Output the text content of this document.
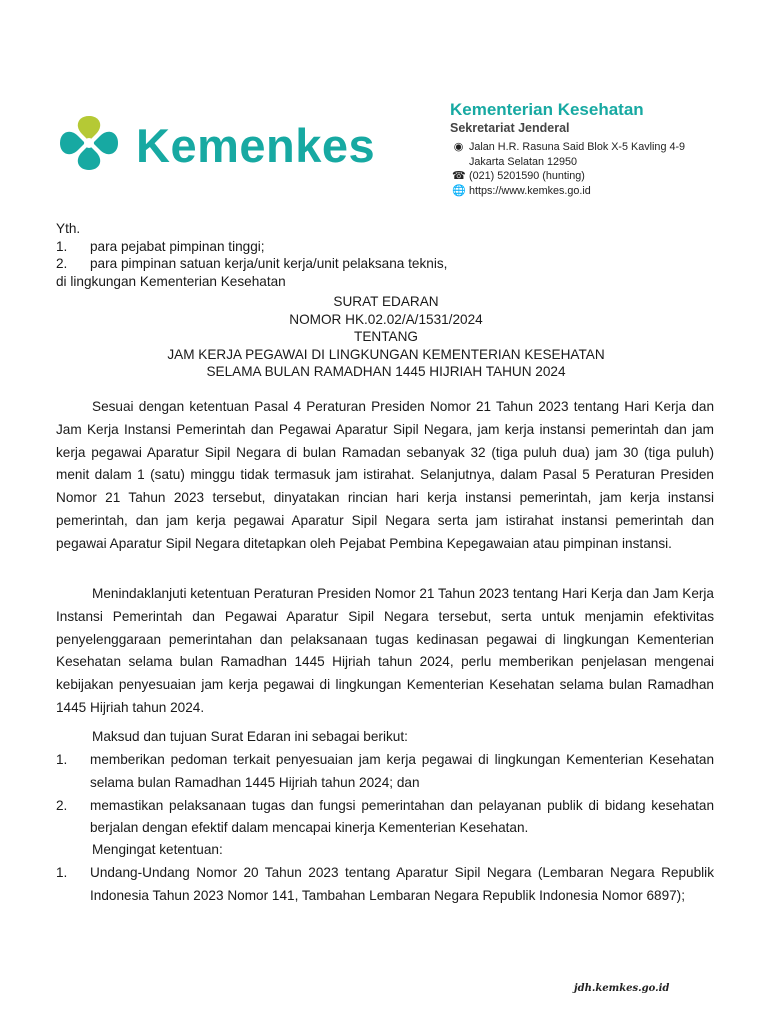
Kemenkes
Kementerian Kesehatan
Sekretariat Jenderal
◉ Jalan H.R. Rasuna Said Blok X-5 Kavling 4-9
Jakarta Selatan 12950
☎ (021) 5201590 (hunting)
🌐 https://www.kemkes.go.id
Yth.
1. para pejabat pimpinan tinggi;
2. para pimpinan satuan kerja/unit kerja/unit pelaksana teknis,
di lingkungan Kementerian Kesehatan
SURAT EDARAN
NOMOR HK.02.02/A/1531/2024
TENTANG
JAM KERJA PEGAWAI DI LINGKUNGAN KEMENTERIAN KESEHATAN
SELAMA BULAN RAMADHAN 1445 HIJRIAH TAHUN 2024
Sesuai dengan ketentuan Pasal 4 Peraturan Presiden Nomor 21 Tahun 2023 tentang Hari Kerja dan Jam Kerja Instansi Pemerintah dan Pegawai Aparatur Sipil Negara, jam kerja instansi pemerintah dan jam kerja pegawai Aparatur Sipil Negara di bulan Ramadan sebanyak 32 (tiga puluh dua) jam 30 (tiga puluh) menit dalam 1 (satu) minggu tidak termasuk jam istirahat. Selanjutnya, dalam Pasal 5 Peraturan Presiden Nomor 21 Tahun 2023 tersebut, dinyatakan rincian hari kerja instansi pemerintah, jam kerja instansi pemerintah, dan jam kerja pegawai Aparatur Sipil Negara serta jam istirahat instansi pemerintah dan pegawai Aparatur Sipil Negara ditetapkan oleh Pejabat Pembina Kepegawaian atau pimpinan instansi.
Menindaklanjuti ketentuan Peraturan Presiden Nomor 21 Tahun 2023 tentang Hari Kerja dan Jam Kerja Instansi Pemerintah dan Pegawai Aparatur Sipil Negara tersebut, serta untuk menjamin efektivitas penyelenggaraan pemerintahan dan pelaksanaan tugas kedinasan pegawai di lingkungan Kementerian Kesehatan selama bulan Ramadhan 1445 Hijriah tahun 2024, perlu memberikan penjelasan mengenai kebijakan penyesuaian jam kerja pegawai di lingkungan Kementerian Kesehatan selama bulan Ramadhan 1445 Hijriah tahun 2024.
Maksud dan tujuan Surat Edaran ini sebagai berikut:
1. memberikan pedoman terkait penyesuaian jam kerja pegawai di lingkungan Kementerian Kesehatan selama bulan Ramadhan 1445 Hijriah tahun 2024; dan
2. memastikan pelaksanaan tugas dan fungsi pemerintahan dan pelayanan publik di bidang kesehatan berjalan dengan efektif dalam mencapai kinerja Kementerian Kesehatan.
Mengingat ketentuan:
1. Undang-Undang Nomor 20 Tahun 2023 tentang Aparatur Sipil Negara (Lembaran Negara Republik Indonesia Tahun 2023 Nomor 141, Tambahan Lembaran Negara Republik Indonesia Nomor 6897);
jdh.kemkes.go.id
